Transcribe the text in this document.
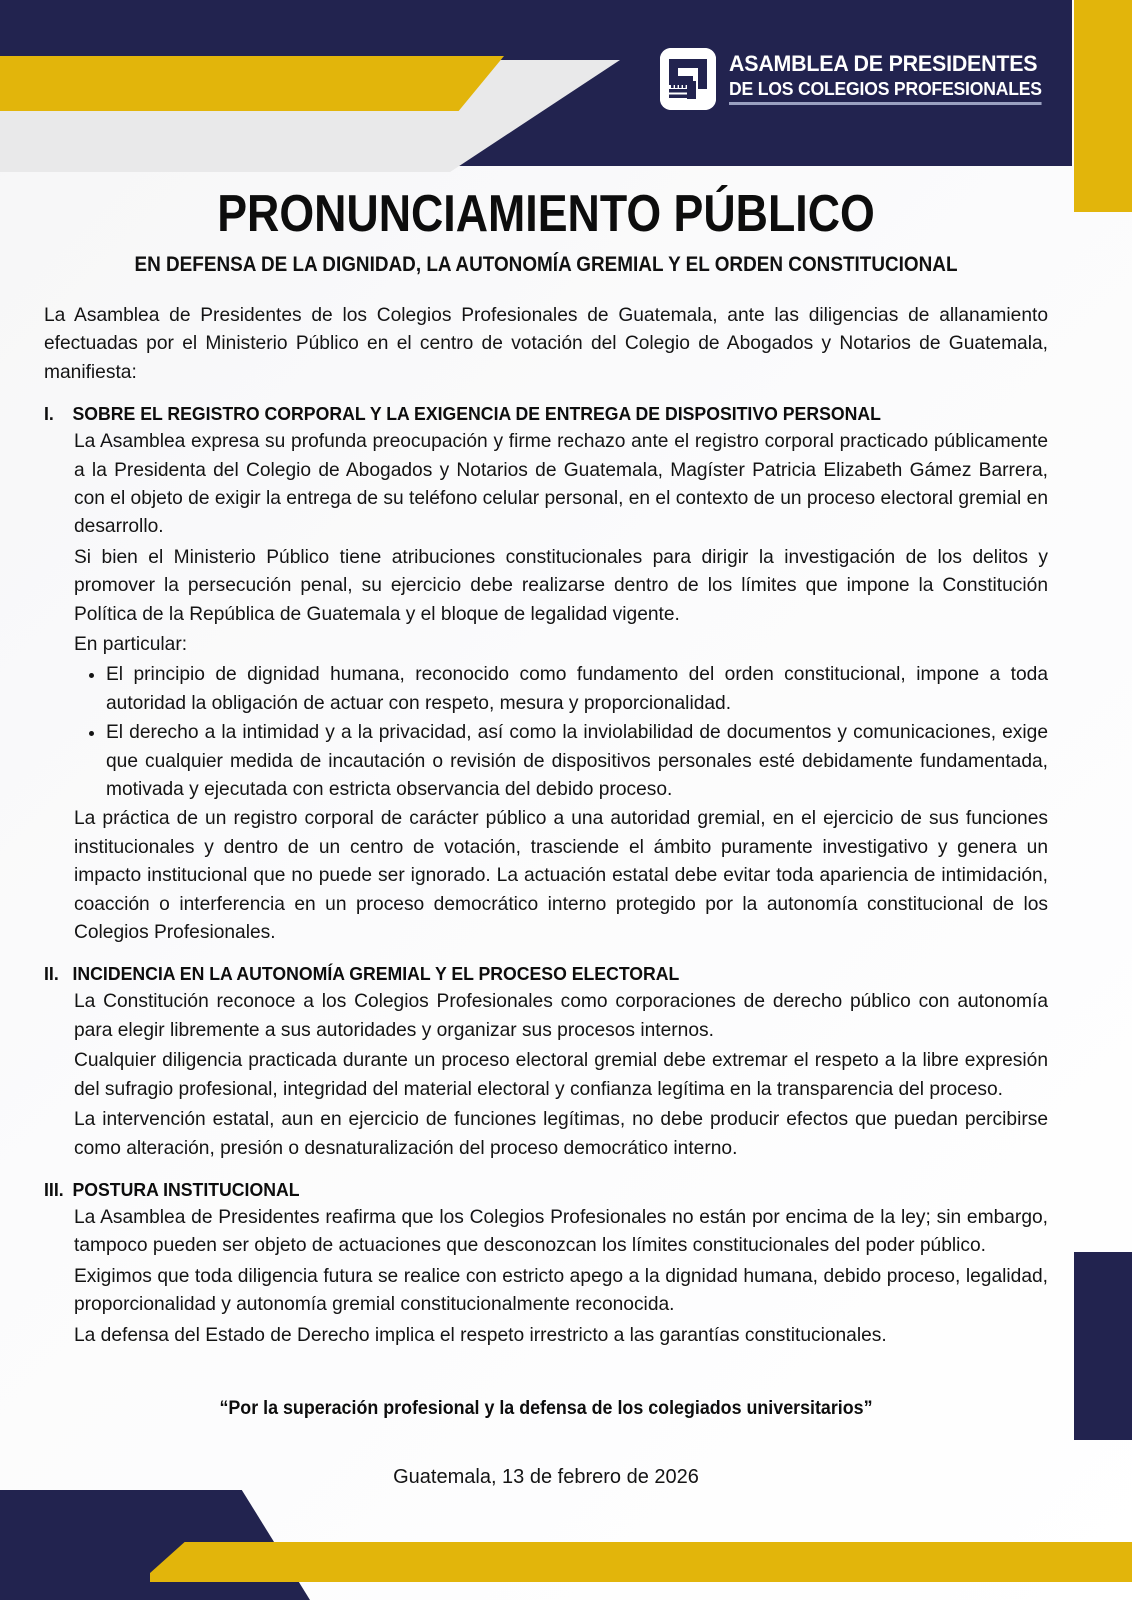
ASAMBLEA DE PRESIDENTES
DE LOS COLEGIOS PROFESIONALES
PRONUNCIAMIENTO PÚBLICO
EN DEFENSA DE LA DIGNIDAD, LA AUTONOMÍA GREMIAL Y EL ORDEN CONSTITUCIONAL

La Asamblea de Presidentes de los Colegios Profesionales de Guatemala, ante las diligencias de allanamiento efectuadas por el Ministerio Público en el centro de votación del Colegio de Abogados y Notarios de Guatemala, manifiesta:

I.	SOBRE EL REGISTRO CORPORAL Y LA EXIGENCIA DE ENTREGA DE DISPOSITIVO PERSONAL

La Asamblea expresa su profunda preocupación y firme rechazo ante el registro corporal practicado públicamente a la Presidenta del Colegio de Abogados y Notarios de Guatemala, Magíster Patricia Elizabeth Gámez Barrera, con el objeto de exigir la entrega de su teléfono celular personal, en el contexto de un proceso electoral gremial en desarrollo.

Si bien el Ministerio Público tiene atribuciones constitucionales para dirigir la investigación de los delitos y promover la persecución penal, su ejercicio debe realizarse dentro de los límites que impone la Constitución Política de la República de Guatemala y el bloque de legalidad vigente.

En particular:

El principio de dignidad humana, reconocido como fundamento del orden constitucional, impone a toda autoridad la obligación de actuar con respeto, mesura y proporcionalidad.
El derecho a la intimidad y a la privacidad, así como la inviolabilidad de documentos y comunicaciones, exige que cualquier medida de incautación o revisión de dispositivos personales esté debidamente fundamentada, motivada y ejecutada con estricta observancia del debido proceso.

La práctica de un registro corporal de carácter público a una autoridad gremial, en el ejercicio de sus funciones institucionales y dentro de un centro de votación, trasciende el ámbito puramente investigativo y genera un impacto institucional que no puede ser ignorado. La actuación estatal debe evitar toda apariencia de intimidación, coacción o interferencia en un proceso democrático interno protegido por la autonomía constitucional de los Colegios Profesionales.

II. INCIDENCIA EN LA AUTONOMÍA GREMIAL Y EL PROCESO ELECTORAL

La Constitución reconoce a los Colegios Profesionales como corporaciones de derecho público con autonomía para elegir libremente a sus autoridades y organizar sus procesos internos.

Cualquier diligencia practicada durante un proceso electoral gremial debe extremar el respeto a la libre expresión del sufragio profesional, integridad del material electoral y confianza legítima en la transparencia del proceso.

La intervención estatal, aun en ejercicio de funciones legítimas, no debe producir efectos que puedan percibirse como alteración, presión o desnaturalización del proceso democrático interno.

III. POSTURA INSTITUCIONAL

La Asamblea de Presidentes reafirma que los Colegios Profesionales no están por encima de la ley; sin embargo, tampoco pueden ser objeto de actuaciones que desconozcan los límites constitucionales del poder público.

Exigimos que toda diligencia futura se realice con estricto apego a la dignidad humana, debido proceso, legalidad, proporcionalidad y autonomía gremial constitucionalmente reconocida.

La defensa del Estado de Derecho implica el respeto irrestricto a las garantías constitucionales.

“Por la superación profesional y la defensa de los colegiados universitarios”
Guatemala, 13 de febrero de 2026
